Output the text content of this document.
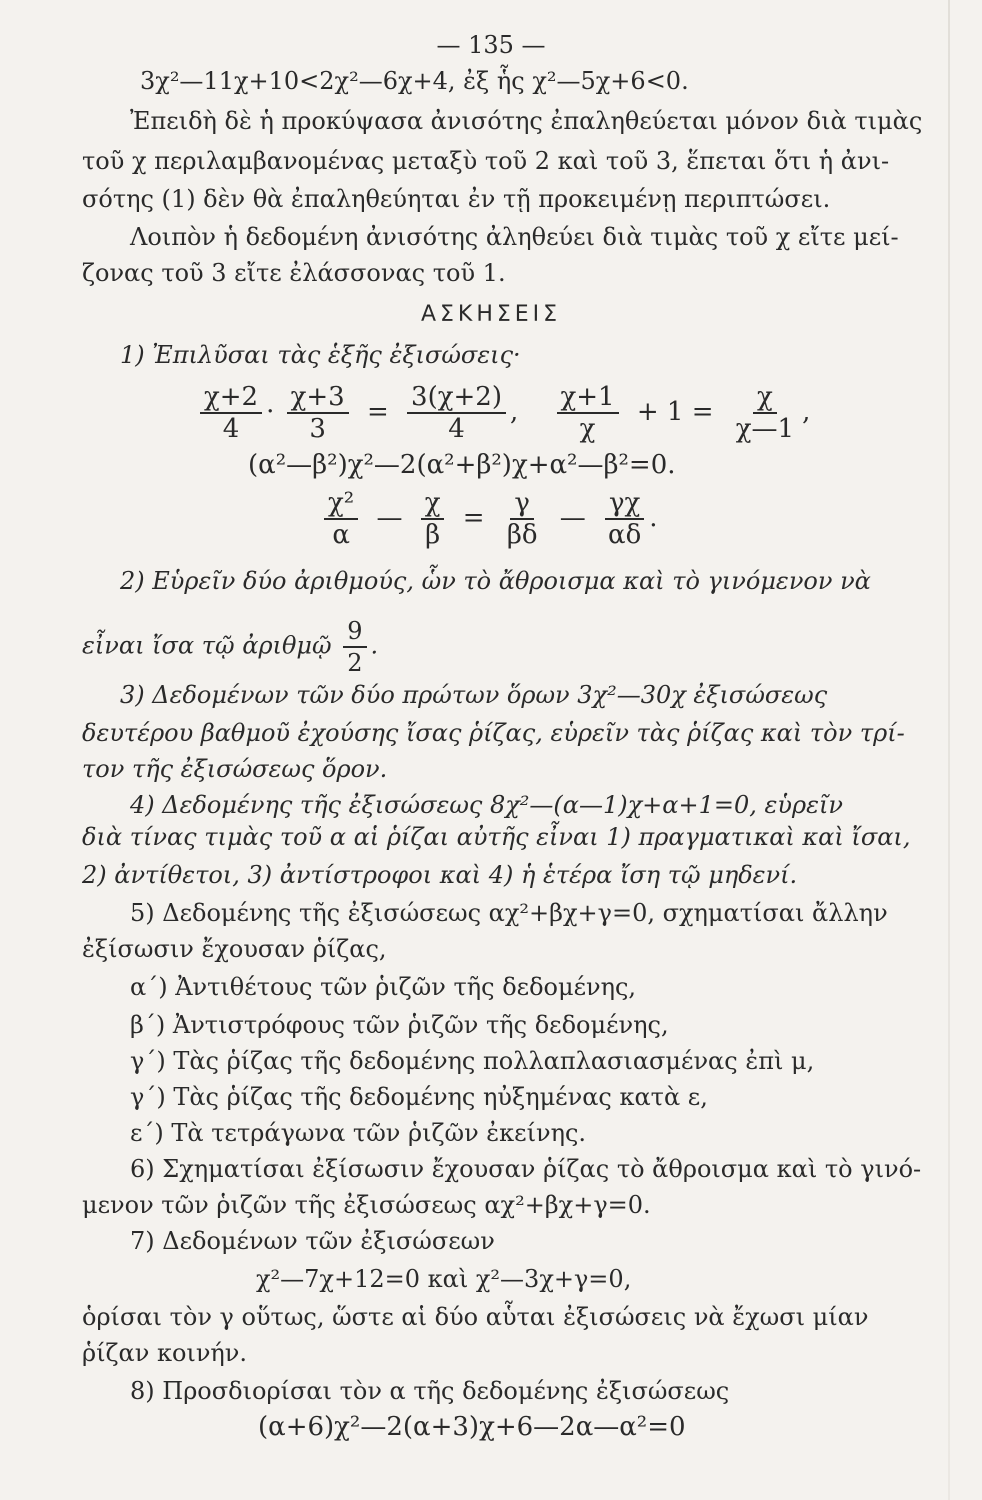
— 135 —
3χ²—11χ+10<2χ²—6χ+4, ἐξ ἧς χ²—5χ+6<0.
Ἐπειδὴ δὲ ἡ προκύψασα ἀνισότης ἐπαληθεύεται μόνον διὰ τιμὰς
τοῦ χ περιλαμβανομένας μεταξὺ τοῦ 2 καὶ τοῦ 3, ἕπεται ὅτι ἡ ἀνι-
σότης (1) δὲν θὰ ἐπαληθεύηται ἐν τῇ προκειμένῃ περιπτώσει.
Λοιπὸν ἡ δεδομένη ἀνισότης ἀληθεύει διὰ τιμὰς τοῦ χ εἴτε μεί-
ζονας τοῦ 3 εἴτε ἐλάσσονας τοῦ 1.
ΑΣΚΗΣΕΙΣ
1) Ἐπιλῦσαι τὰς ἑξῆς ἐξισώσεις·
$\frac{\chi+2}{4} \cdot \frac{\chi+3}{3} = \frac{3(\chi+2)}{4}$ , $\frac{\chi+1}{\chi} + 1 = \frac{\chi}{\chi—1}$ ,
(α²—β²)χ²—2(α²+β²)χ+α²—β²=0.
$\frac{\text{χ²}}{\alpha}$ — $\frac{\chi}{\beta} = \frac{\gamma}{\beta\delta}$ — $\frac{\gamma\chi}{\alpha\delta}$ .
2) Εὑρεῖν δύο ἀριθμούς, ὧν τὸ ἄθροισμα καὶ τὸ γινόμενον νὰ
εἶναι ἴσα τῷ ἀριθμῷ $\frac{9}{2}$ .
3) Δεδομένων τῶν δύο πρώτων ὅρων 3χ²—30χ ἐξισώσεως
δευτέρου βαθμοῦ ἐχούσης ἴσας ῥίζας, εὑρεῖν τὰς ῥίζας καὶ τὸν τρί-
τον τῆς ἐξισώσεως ὅρον.
4) Δεδομένης τῆς ἐξισώσεως 8χ²—(α—1)χ+α+1=0, εὑρεῖν
διὰ τίνας τιμὰς τοῦ α αἱ ῥίζαι αὐτῆς εἶναι 1) πραγματικαὶ καὶ ἴσαι,
2) ἀντίθετοι, 3) ἀντίστροφοι καὶ 4) ἡ ἑτέρα ἴση τῷ μηδενί.
5) Δεδομένης τῆς ἐξισώσεως αχ²+βχ+γ=0, σχηματίσαι ἄλλην
ἐξίσωσιν ἔχουσαν ῥίζας,
α΄) Ἀντιθέτους τῶν ῥιζῶν τῆς δεδομένης,
β΄) Ἀντιστρόφους τῶν ῥιζῶν τῆς δεδομένης,
γ΄) Τὰς ῥίζας τῆς δεδομένης πολλαπλασιασμένας ἐπὶ μ,
γ΄) Τὰς ῥίζας τῆς δεδομένης ηὐξημένας κατὰ ε,
ε΄) Τὰ τετράγωνα τῶν ῥιζῶν ἐκείνης.
6) Σχηματίσαι ἐξίσωσιν ἔχουσαν ῥίζας τὸ ἄθροισμα καὶ τὸ γινό-
μενον τῶν ῥιζῶν τῆς ἐξισώσεως αχ²+βχ+γ=0.
7) Δεδομένων τῶν ἐξισώσεων
χ²—7χ+12=0 καὶ χ²—3χ+γ=0,
ὁρίσαι τὸν γ οὕτως, ὥστε αἱ δύο αὗται ἐξισώσεις νὰ ἔχωσι μίαν
ῥίζαν κοινήν.
8) Προσδιορίσαι τὸν α τῆς δεδομένης ἐξισώσεως
(α+6)χ²—2(α+3)χ+6—2α—α²=0
